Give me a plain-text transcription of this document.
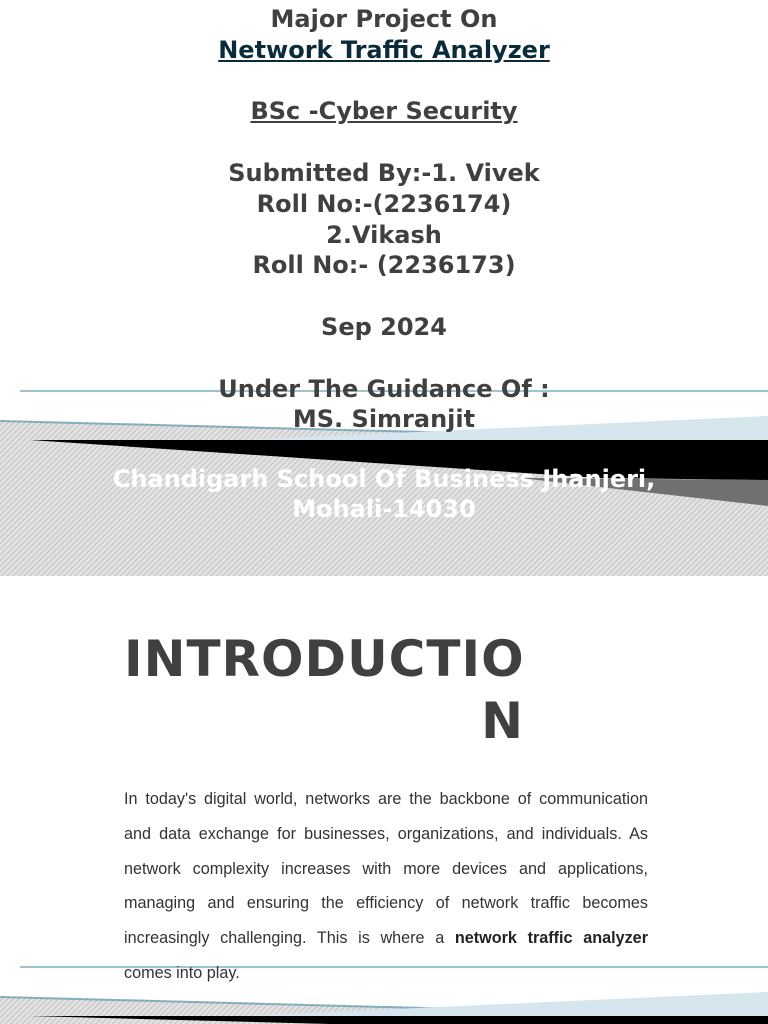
Major Project On
Network Traffic Analyzer
BSc -Cyber Security
Submitted By:-1. Vivek
Roll No:-(2236174)
2.Vikash
Roll No:- (2236173)
Sep 2024
Under The Guidance Of :
MS. Simranjit
Chandigarh School Of Business Jhanjeri,
Mohali-14030
INTRODUCTIO
N
In today's digital world, networks are the backbone of communication and data exchange for businesses, organizations, and individuals. As network complexity increases with more devices and applications, managing and ensuring the efficiency of network traffic becomes increasingly challenging. This is where a network traffic analyzer comes into play.
